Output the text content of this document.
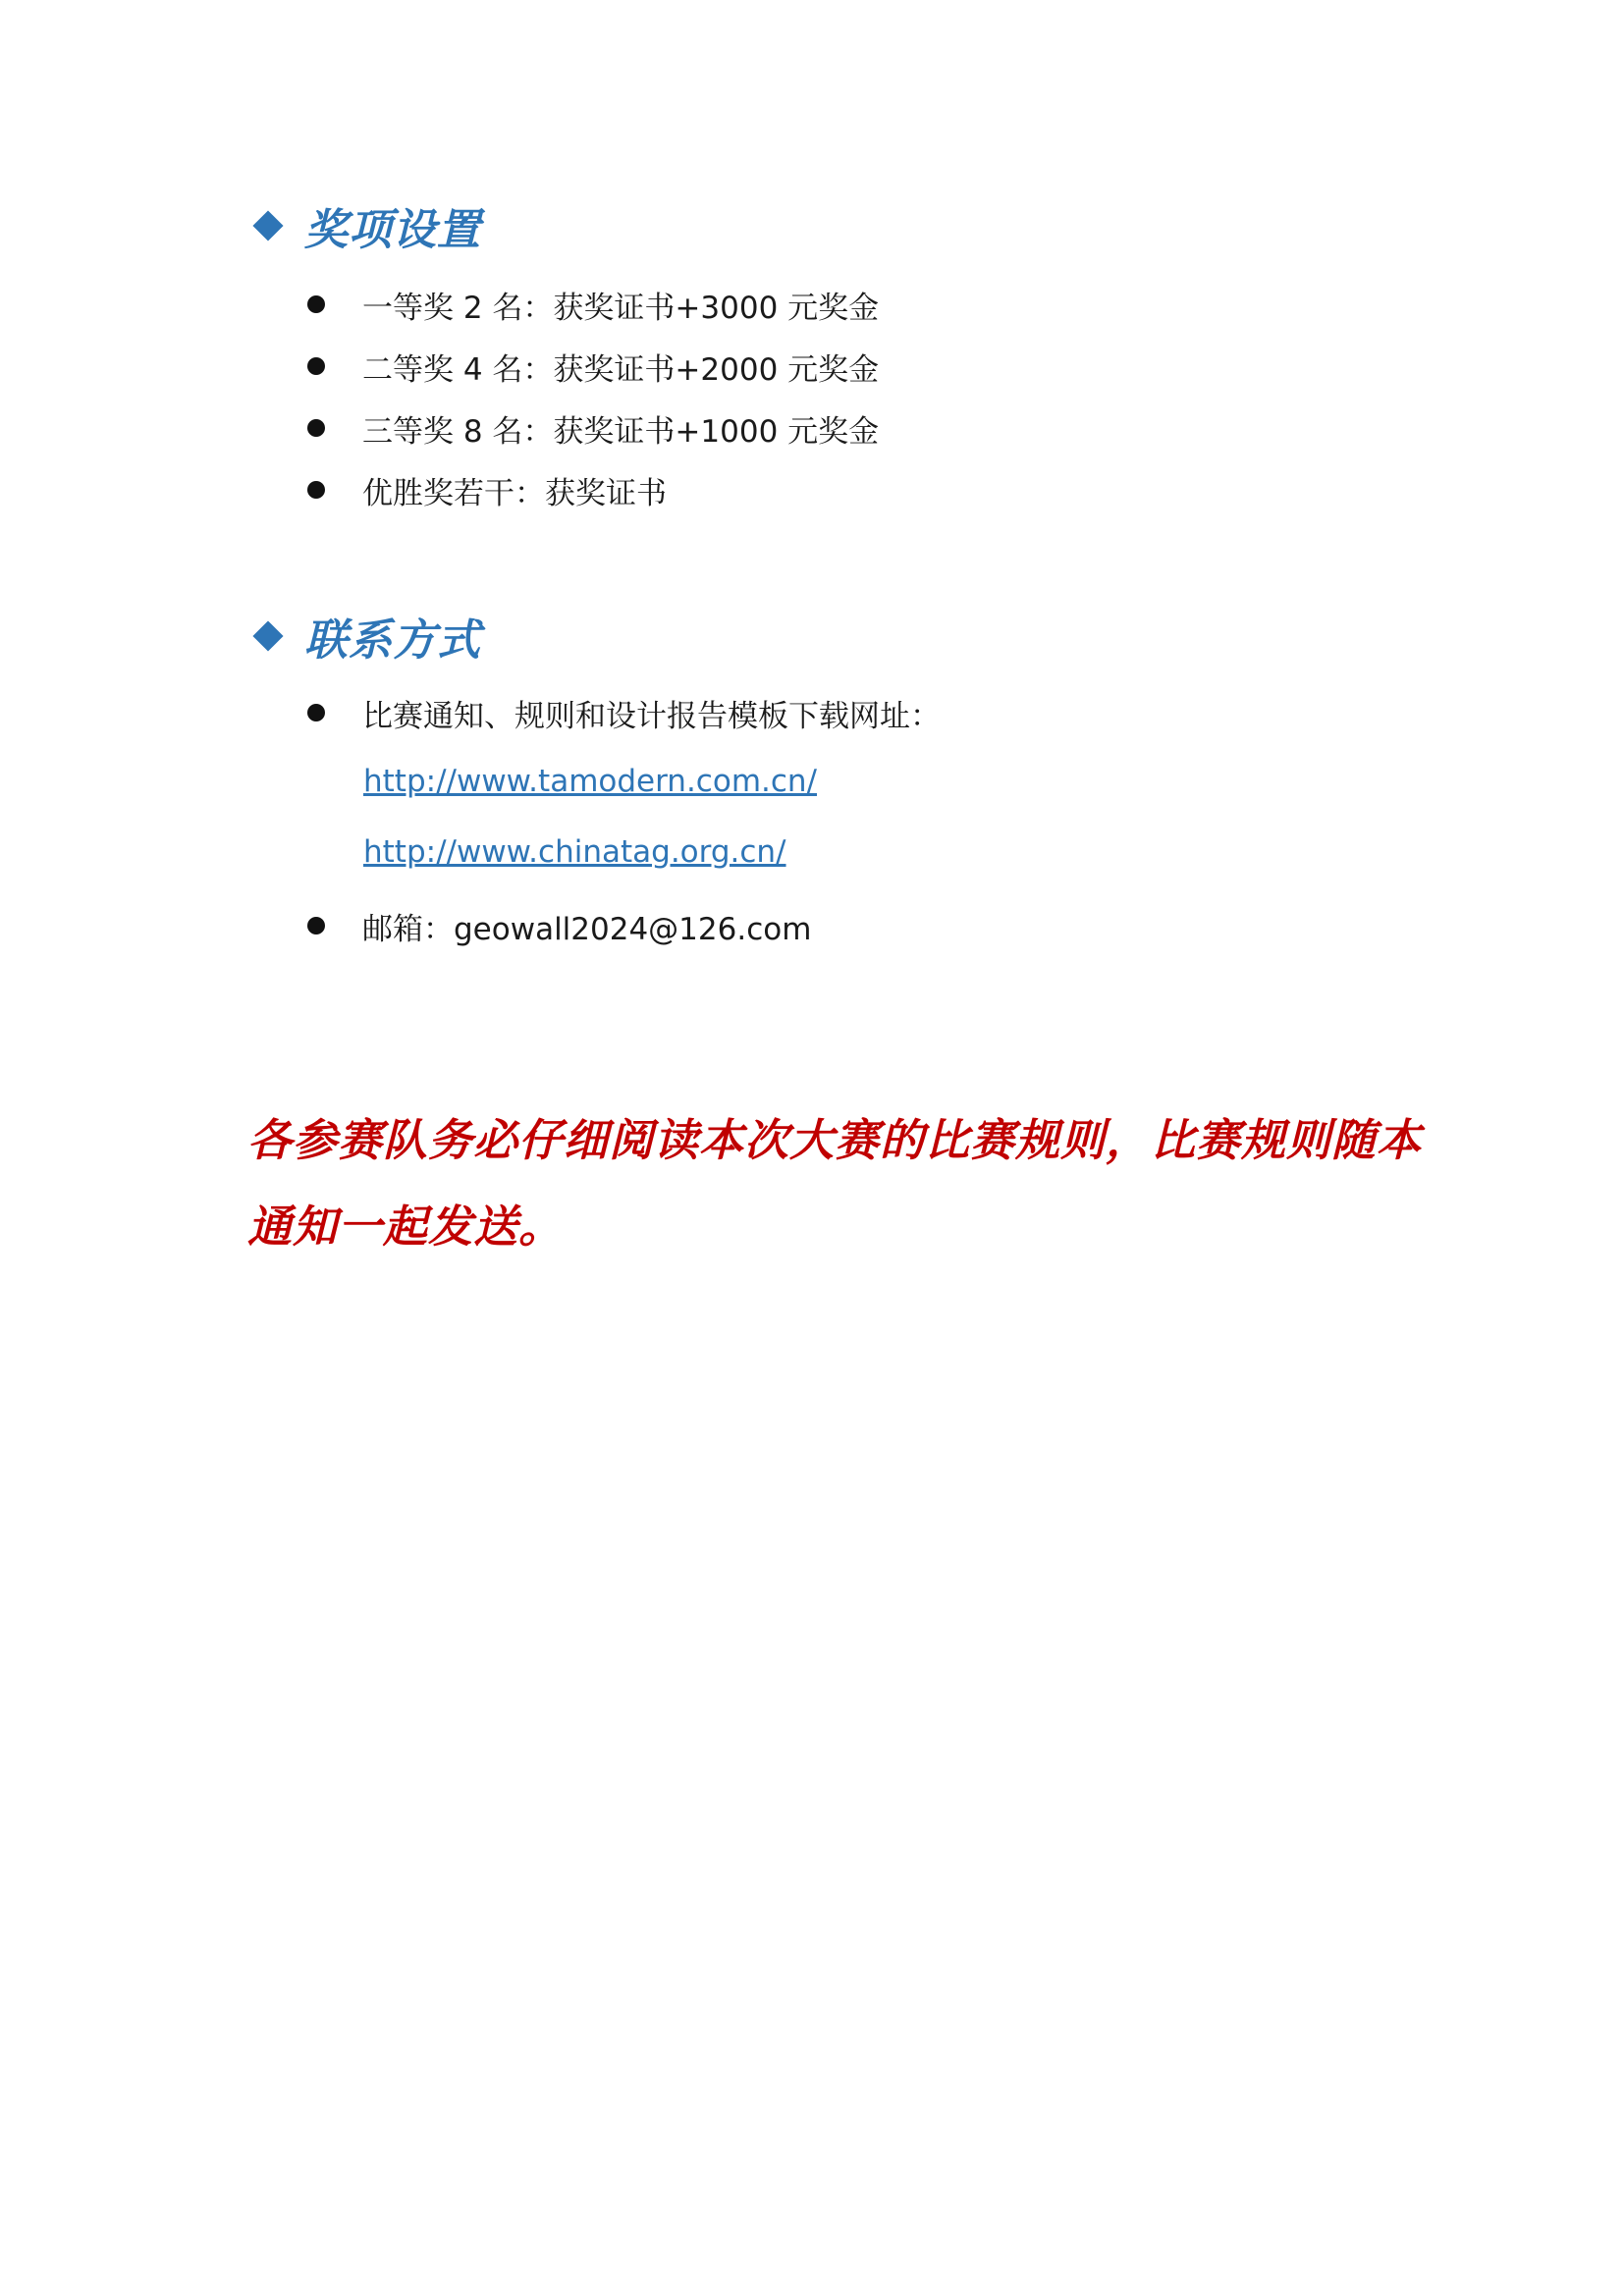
奖项设置
一等奖 2 名：获奖证书+3000 元奖金
二等奖 4 名：获奖证书+2000 元奖金
三等奖 8 名：获奖证书+1000 元奖金
优胜奖若干：获奖证书
联系方式
比赛通知、规则和设计报告模板下载网址：
http://www.tamodern.com.cn/
http://www.chinatag.org.cn/
邮箱：geowall2024@126.com
各参赛队务必仔细阅读本次大赛的比赛规则，比赛规则随本
通知一起发送。
